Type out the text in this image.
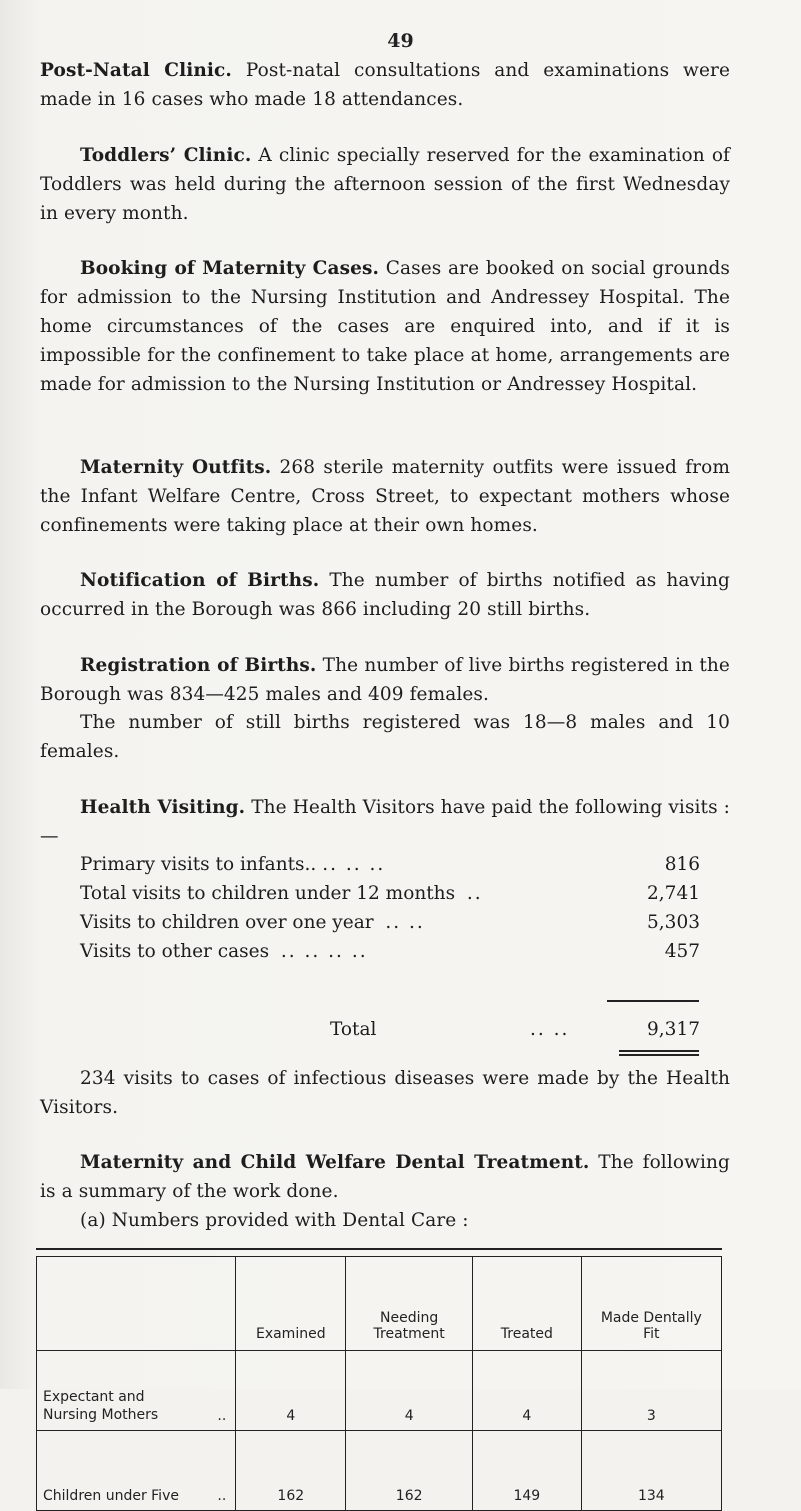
49

Post-Natal Clinic. Post-natal consultations and examinations were made in 16 cases who made 18 attendances.

Toddlers’ Clinic. A clinic specially reserved for the examination of Toddlers was held during the afternoon session of the first Wednesday in every month.

Booking of Maternity Cases. Cases are booked on social grounds for admission to the Nursing Institution and Andressey Hospital. The home circumstances of the cases are enquired into, and if it is impossible for the confinement to take place at home, arrangements are made for admission to the Nursing Institution or Andressey Hospital.

Maternity Outfits. 268 sterile maternity outfits were issued from the Infant Welfare Centre, Cross Street, to expectant mothers whose confinements were taking place at their own homes.

Notification of Births. The number of births notified as having occurred in the Borough was 866 including 20 still births.

Registration of Births. The number of live births registered in the Borough was 834—425 males and 409 females.

The number of still births registered was 18—8 males and 10 females.

Health Visiting. The Health Visitors have paid the following visits :—

Primary visits to infants.. .. .. ..	816
Total visits to children under 12 months ..	2,741
Visits to children over one year .. ..	5,303
Visits to other cases .. .. .. ..	457
Total	.. ..	9,317

234 visits to cases of infectious diseases were made by the Health Visitors.

Maternity and Child Welfare Dental Treatment. The following is a summary of the work done.

(a) Numbers provided with Dental Care :

	Examined	Needing Treatment	Treated	Made Dentally Fit

Expectant and Nursing Mothers ..	4	4	4	3

Children under Five ..	162	162	149	134
